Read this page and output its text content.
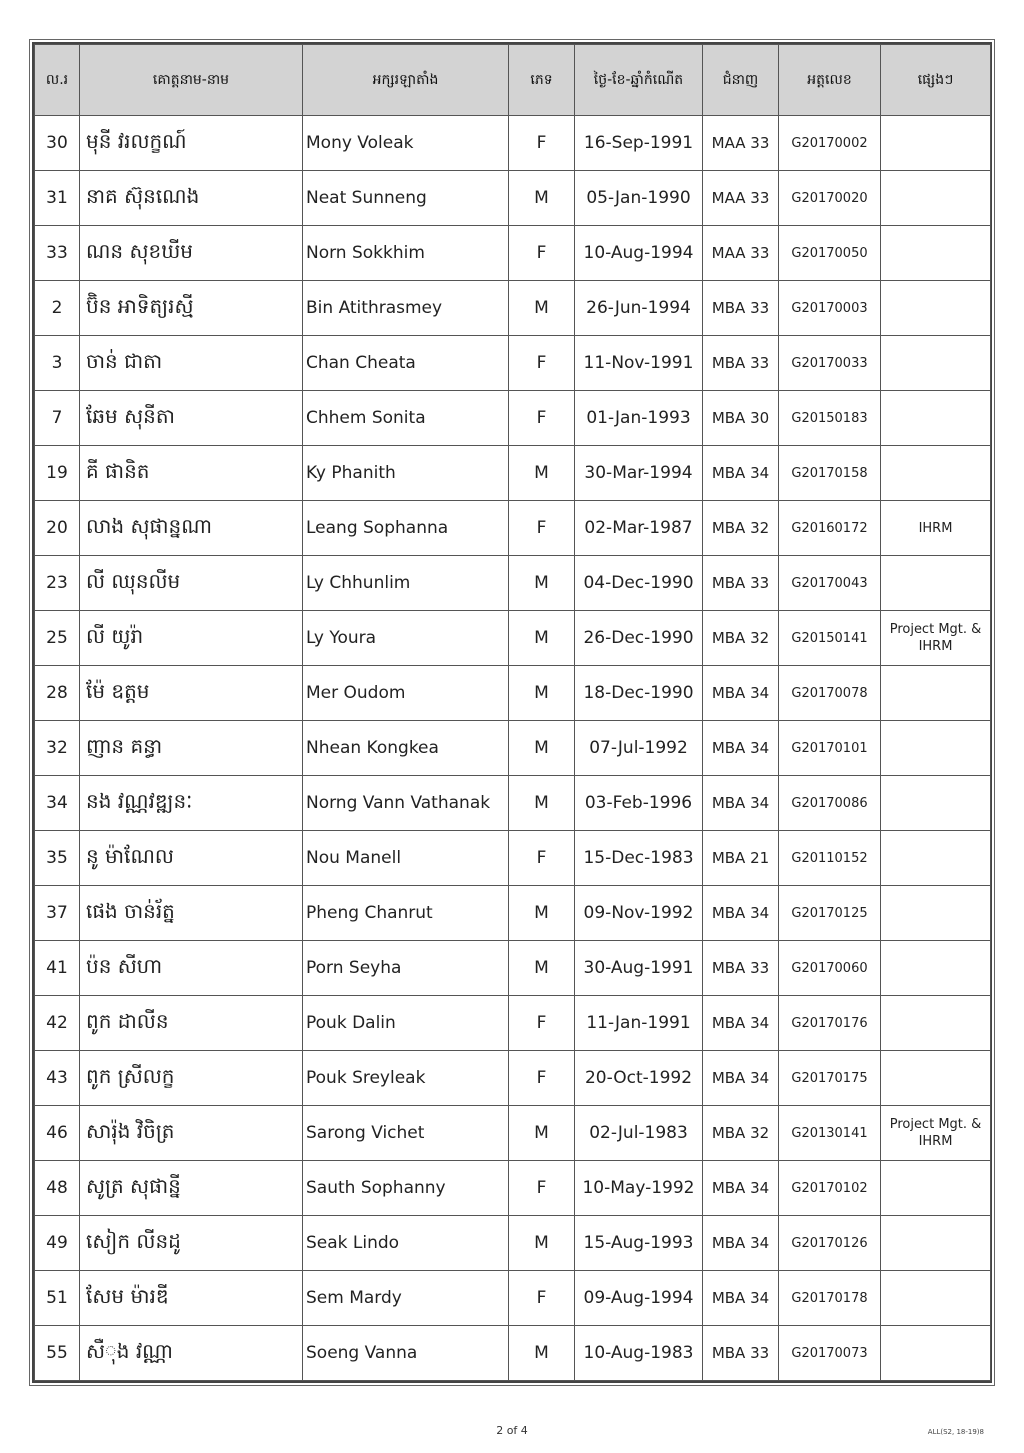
ល.រ	គោត្តនាម-នាម	អក្សរឡាតាំង	ភេទ	ថ្ងៃ-ខែ-ឆ្នាំកំណើត	ជំនាញ	អត្តលេខ	ផ្សេងៗ
30	មុនី វរលក្ខណ៍	Mony Voleak	F	16-Sep-1991	MAA 33	G20170002	
31	នាគ ស៊ុនណេង	Neat Sunneng	M	05-Jan-1990	MAA 33	G20170020	
33	ណន សុខឃីម	Norn Sokkhim	F	10-Aug-1994	MAA 33	G20170050	
2	ប៊ិន អាទិត្យរស្មី	Bin Atithrasmey	M	26-Jun-1994	MBA 33	G20170003	
3	ចាន់ ជាតា	Chan Cheata	F	11-Nov-1991	MBA 33	G20170033	
7	ឆែម សុនីតា	Chhem Sonita	F	01-Jan-1993	MBA 30	G20150183	
19	គី ផានិត	Ky Phanith	M	30-Mar-1994	MBA 34	G20170158	
20	លាង សុផាន្នណា	Leang Sophanna	F	02-Mar-1987	MBA 32	G20160172	IHRM
23	លី ឈុនលីម	Ly Chhunlim	M	04-Dec-1990	MBA 33	G20170043	
25	លី យូរ៉ា	Ly Youra	M	26-Dec-1990	MBA 32	G20150141	Project Mgt. & IHRM
28	ម៉ែ ឧត្តម	Mer Oudom	M	18-Dec-1990	MBA 34	G20170078	
32	ញាន គន្ធា	Nhean Kongkea	M	07-Jul-1992	MBA 34	G20170101	
34	នង វណ្ណវឌ្ឍនៈ	Norng Vann Vathanak	M	03-Feb-1996	MBA 34	G20170086	
35	នូ ម៉ាណែល	Nou Manell	F	15-Dec-1983	MBA 21	G20110152	
37	ផេង ចាន់រ័ត្ន	Pheng Chanrut	M	09-Nov-1992	MBA 34	G20170125	
41	ប៉ន សីហា	Porn Seyha	M	30-Aug-1991	MBA 33	G20170060	
42	ពូក ដាលីន	Pouk Dalin	F	11-Jan-1991	MBA 34	G20170176	
43	ពូក ស្រីលក្ខ	Pouk Sreyleak	F	20-Oct-1992	MBA 34	G20170175	
46	សារ៉ុង វិចិត្រ	Sarong Vichet	M	02-Jul-1983	MBA 32	G20130141	Project Mgt. & IHRM
48	សូត្រ សុផាន្នី	Sauth Sophanny	F	10-May-1992	MBA 34	G20170102	
49	សៀក លីនដូ	Seak Lindo	M	15-Aug-1993	MBA 34	G20170126	
51	សែម ម៉ារឌី	Sem Mardy	F	09-Aug-1994	MBA 34	G20170178	
55	សឺុង វណ្ណា	Soeng Vanna	M	10-Aug-1983	MBA 33	G20170073	
2 of 4	ALL(S2, 18-19)8
